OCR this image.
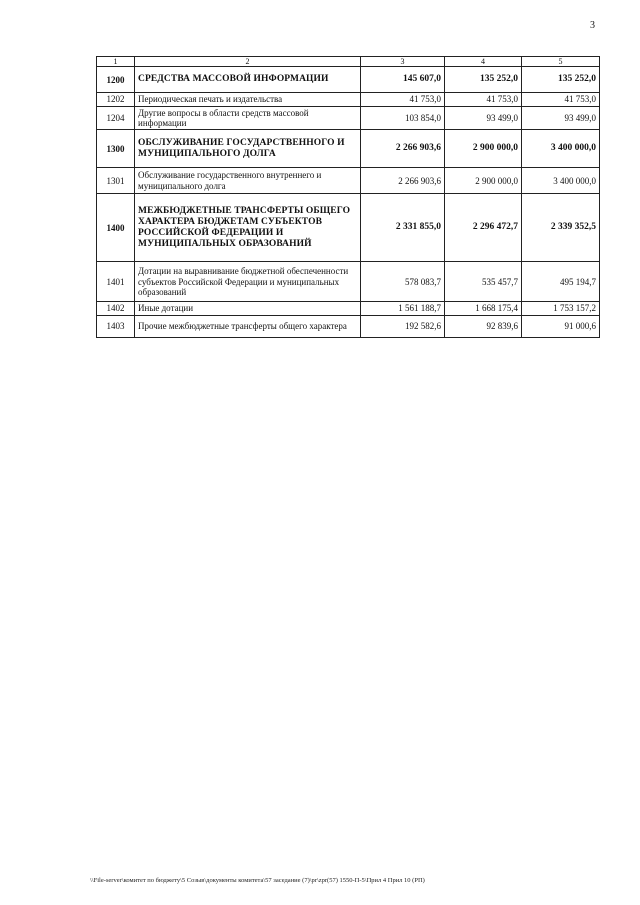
3
1	2	3	4	5
1200	СРЕДСТВА МАССОВОЙ ИНФОРМАЦИИ	145 607,0	135 252,0	135 252,0
1202	Периодическая печать и издательства	41 753,0	41 753,0	41 753,0
1204	Другие вопросы в области средств массовой информации	103 854,0	93 499,0	93 499,0
1300	ОБСЛУЖИВАНИЕ ГОСУДАРСТВЕННОГО И МУНИЦИПАЛЬНОГО ДОЛГА	2 266 903,6	2 900 000,0	3 400 000,0
1301	Обслуживание государственного внутреннего и муниципального долга	2 266 903,6	2 900 000,0	3 400 000,0
1400	МЕЖБЮДЖЕТНЫЕ ТРАНСФЕРТЫ ОБЩЕГО ХАРАКТЕРА БЮДЖЕТАМ СУБЪЕКТОВ РОССИЙСКОЙ ФЕДЕРАЦИИ И МУНИЦИПАЛЬНЫХ ОБРАЗОВАНИЙ	2 331 855,0	2 296 472,7	2 339 352,5
1401	Дотации на выравнивание бюджетной обеспеченности субъектов Российской Федерации и муниципальных образований	578 083,7	535 457,7	495 194,7
1402	Иные дотации	1 561 188,7	1 668 175,4	1 753 157,2
1403	Прочие межбюджетные трансферты общего характера	192 582,6	92 839,6	91 000,6
\\File-server\комитет по бюджету\5 Созыв\документы комитета\57 заседание (7)\pr\zpr(57) 1550-П-5\Прил 4 Прил 10 (РП)
